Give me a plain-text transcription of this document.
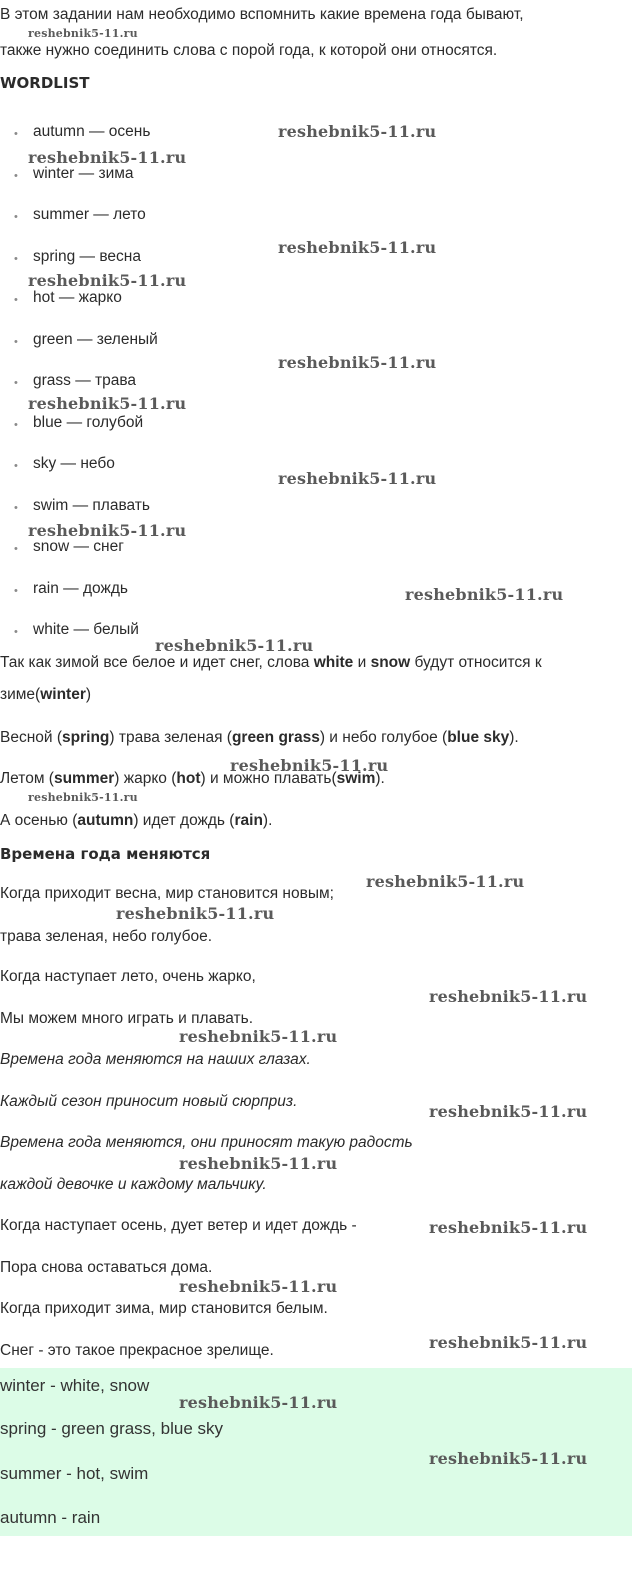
В этом задании нам необходимо вспомнить какие времена года бывают,
также нужно соединить слова с порой года, к которой они относятся.
WORDLIST
• autumn — осень
• winter — зима
• summer — лето
• spring — весна
• hot — жарко
• green — зеленый
• grass — трава
• blue — голубой
• sky — небо
• swim — плавать
• snow — снег
• rain — дождь
• white — белый
Так как зимой все белое и идет снег, слова white и snow будут относится к
зиме(winter)
Весной (spring) трава зеленая (green grass) и небо голубое (blue sky).
Летом (summer) жарко (hot) и можно плавать(swim).
А осенью (autumn) идет дождь (rain).
Времена года меняются
Когда приходит весна, мир становится новым;
трава зеленая, небо голубое.
Когда наступает лето, очень жарко,
Мы можем много играть и плавать.
Времена года меняются на наших глазах.
Каждый сезон приносит новый сюрприз.
Времена года меняются, они приносят такую радость
каждой девочке и каждому мальчику.
Когда наступает осень, дует ветер и идет дождь -
Пора снова оставаться дома.
Когда приходит зима, мир становится белым.
Снег - это такое прекрасное зрелище.
winter - white, snow
spring - green grass, blue sky
summer - hot, swim
autumn - rain
reshebnik5-11.ru
reshebnik5-11.ru
reshebnik5-11.ru
reshebnik5-11.ru
reshebnik5-11.ru
reshebnik5-11.ru
reshebnik5-11.ru
reshebnik5-11.ru
reshebnik5-11.ru
reshebnik5-11.ru
reshebnik5-11.ru
reshebnik5-11.ru
reshebnik5-11.ru
reshebnik5-11.ru
reshebnik5-11.ru
reshebnik5-11.ru
reshebnik5-11.ru
reshebnik5-11.ru
reshebnik5-11.ru
reshebnik5-11.ru
reshebnik5-11.ru
reshebnik5-11.ru
reshebnik5-11.ru
reshebnik5-11.ru
